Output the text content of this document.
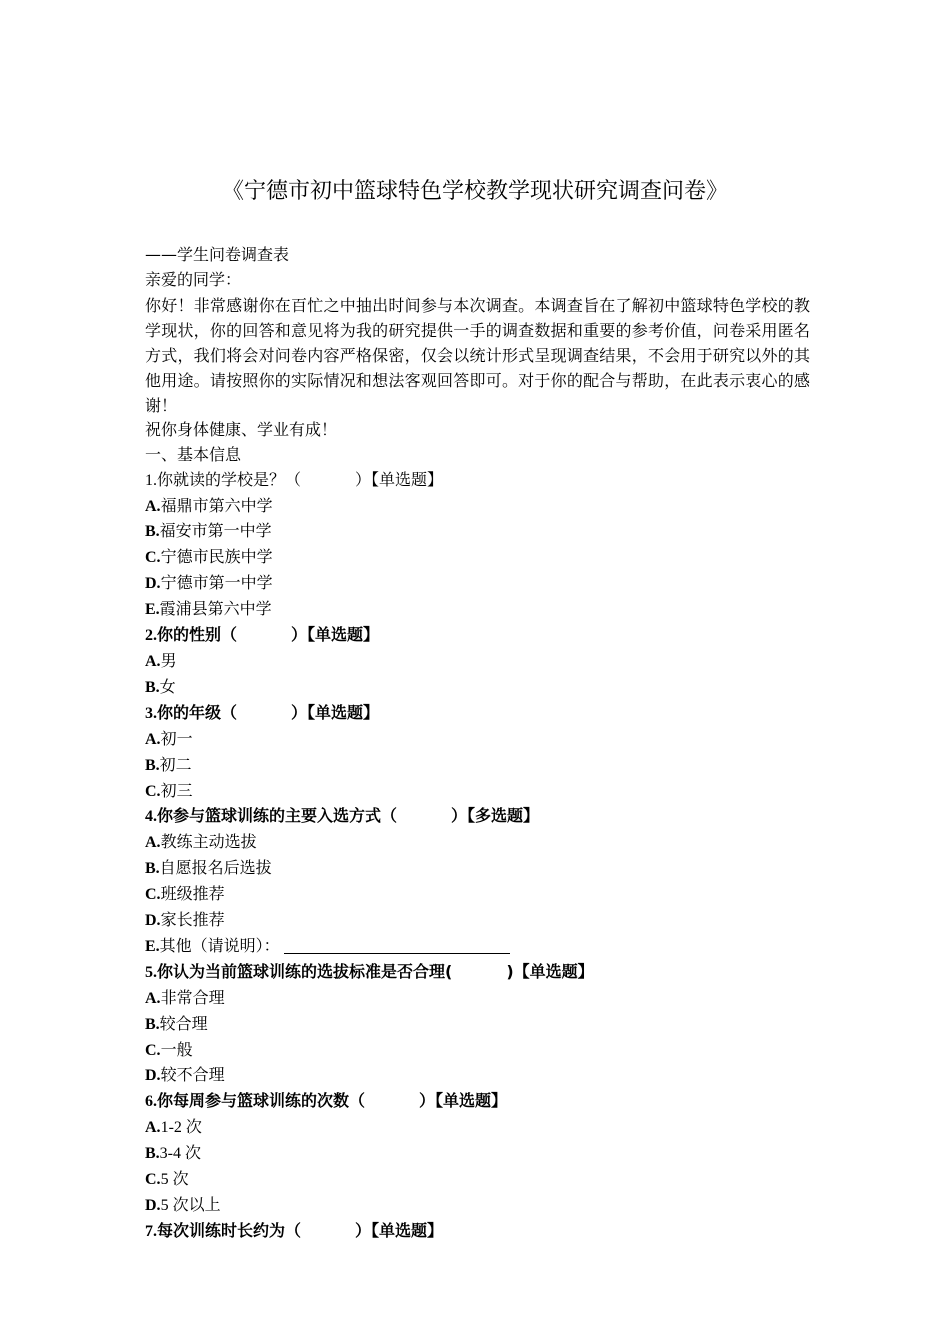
《宁德市初中篮球特色学校教学现状研究调查问卷》
——学生问卷调查表
亲爱的同学：
你好！非常感谢你在百忙之中抽出时间参与本次调查。本调查旨在了解初中篮球特色学校的教学现状，你的回答和意见将为我的研究提供一手的调查数据和重要的参考价值，问卷采用匿名方式，我们将会对问卷内容严格保密，仅会以统计形式呈现调查结果，不会用于研究以外的其他用途。请按照你的实际情况和想法客观回答即可。对于你的配合与帮助，在此表示衷心的感谢！
祝你身体健康、学业有成！
一、基本信息
1.你就读的学校是？（	）【单选题】
A.福鼎市第六中学
B.福安市第一中学
C.宁德市民族中学
D.宁德市第一中学
E.霞浦县第六中学
2.你的性别（	）【单选题】
A.男
B.女
3.你的年级（	）【单选题】
A.初一
B.初二
C.初三
4.你参与篮球训练的主要入选方式（	）【多选题】
A.教练主动选拔
B.自愿报名后选拔
C.班级推荐
D.家长推荐
E.其他（请说明）：
5.你认为当前篮球训练的选拔标准是否合理(	)【单选题】
A.非常合理
B.较合理
C.一般
D.较不合理
6.你每周参与篮球训练的次数（	）【单选题】
A.1-2 次
B.3-4 次
C.5 次
D.5 次以上
7.每次训练时长约为（	）【单选题】
